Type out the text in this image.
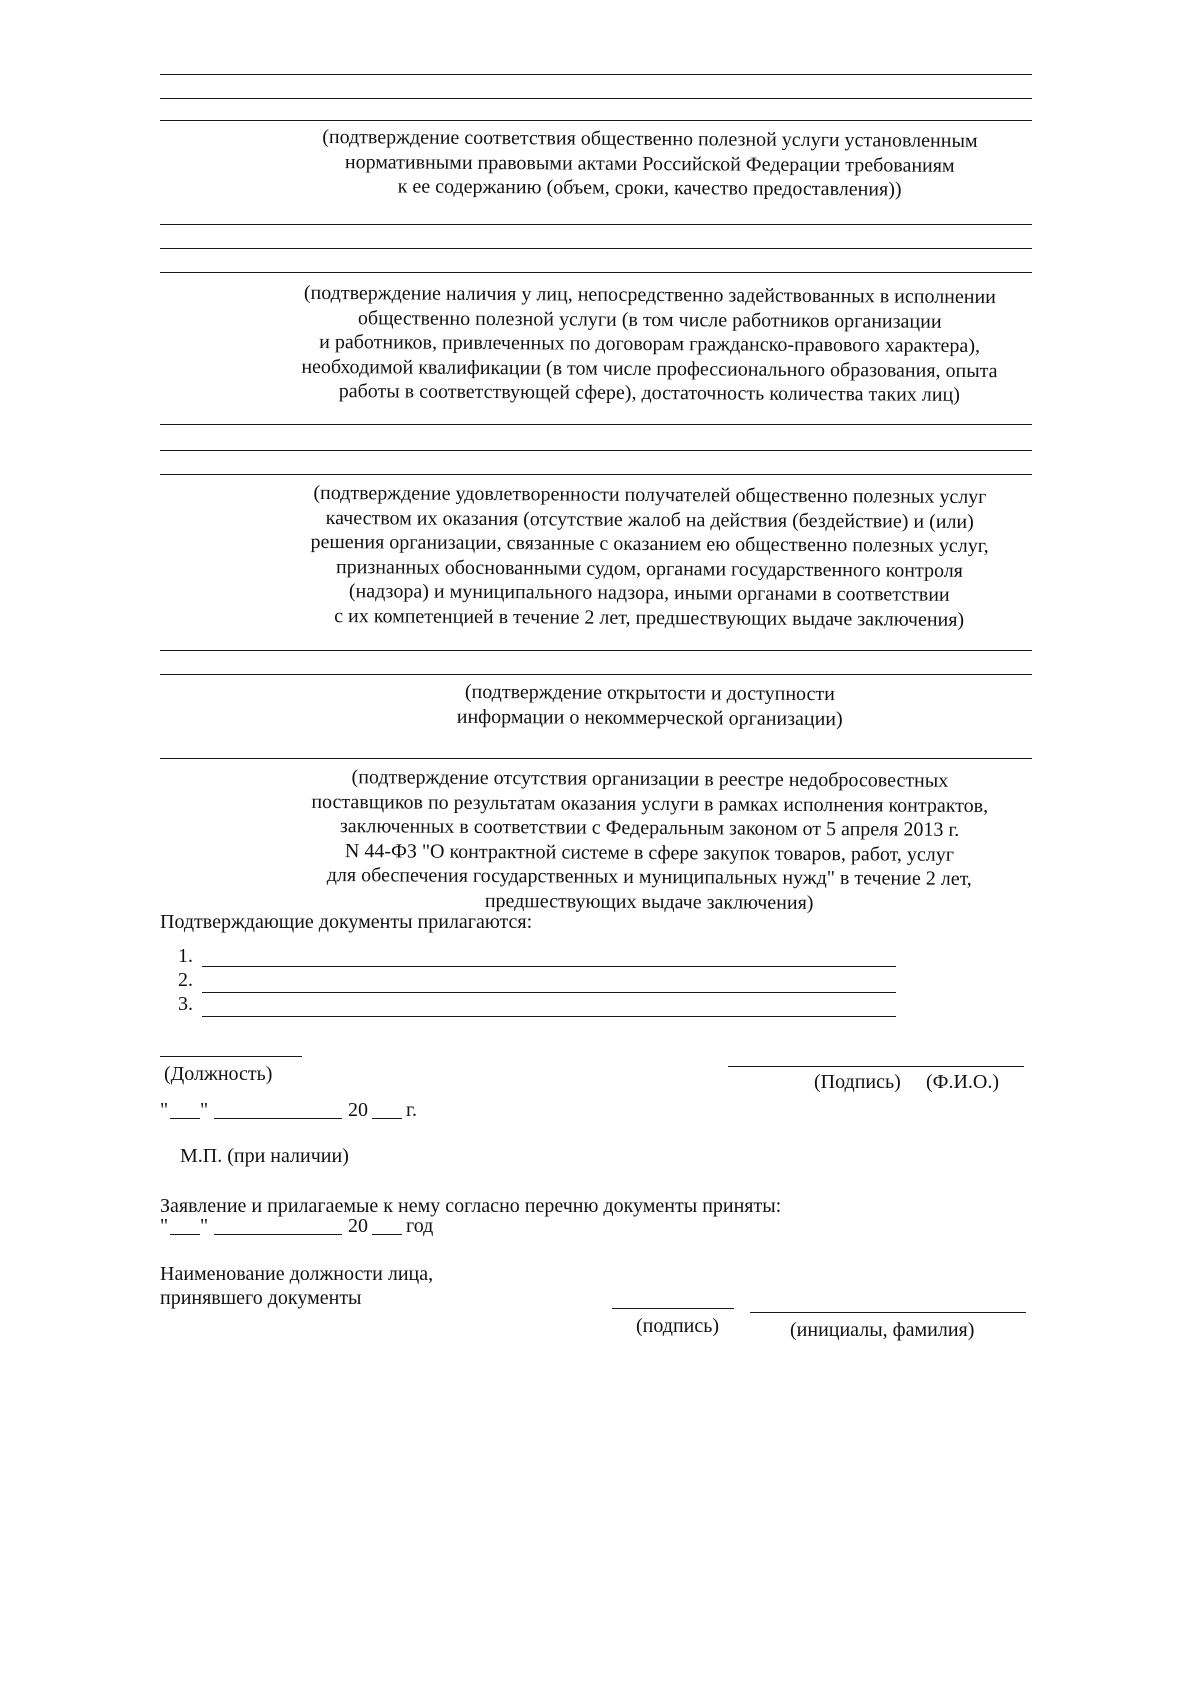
(подтверждение соответствия общественно полезной услуги установленным
нормативными правовыми актами Российской Федерации требованиям
к ее содержанию (объем, сроки, качество предоставления))
(подтверждение наличия у лиц, непосредственно задействованных в исполнении
общественно полезной услуги (в том числе работников организации
и работников, привлеченных по договорам гражданско-правового характера),
необходимой квалификации (в том числе профессионального образования, опыта
работы в соответствующей сфере), достаточность количества таких лиц)
(подтверждение удовлетворенности получателей общественно полезных услуг
качеством их оказания (отсутствие жалоб на действия (бездействие) и (или)
решения организации, связанные с оказанием ею общественно полезных услуг,
признанных обоснованными судом, органами государственного контроля
(надзора) и муниципального надзора, иными органами в соответствии
с их компетенцией в течение 2 лет, предшествующих выдаче заключения)
(подтверждение открытости и доступности
информации о некоммерческой организации)
(подтверждение отсутствия организации в реестре недобросовестных
поставщиков по результатам оказания услуги в рамках исполнения контрактов,
заключенных в соответствии с Федеральным законом от 5 апреля 2013 г.
N 44-ФЗ "О контрактной системе в сфере закупок товаров, работ, услуг
для обеспечения государственных и муниципальных нужд" в течение 2 лет,
предшествующих выдаче заключения)
Подтверждающие документы прилагаются:
1.
2.
3.
(Должность)	(Подпись) (Ф.И.О.)
" "	20 г.
М.П. (при наличии)
Заявление и прилагаемые к нему согласно перечню документы приняты:
" "	20 год
Наименование должности лица,
принявшего документы
(подпись)	(инициалы, фамилия)
